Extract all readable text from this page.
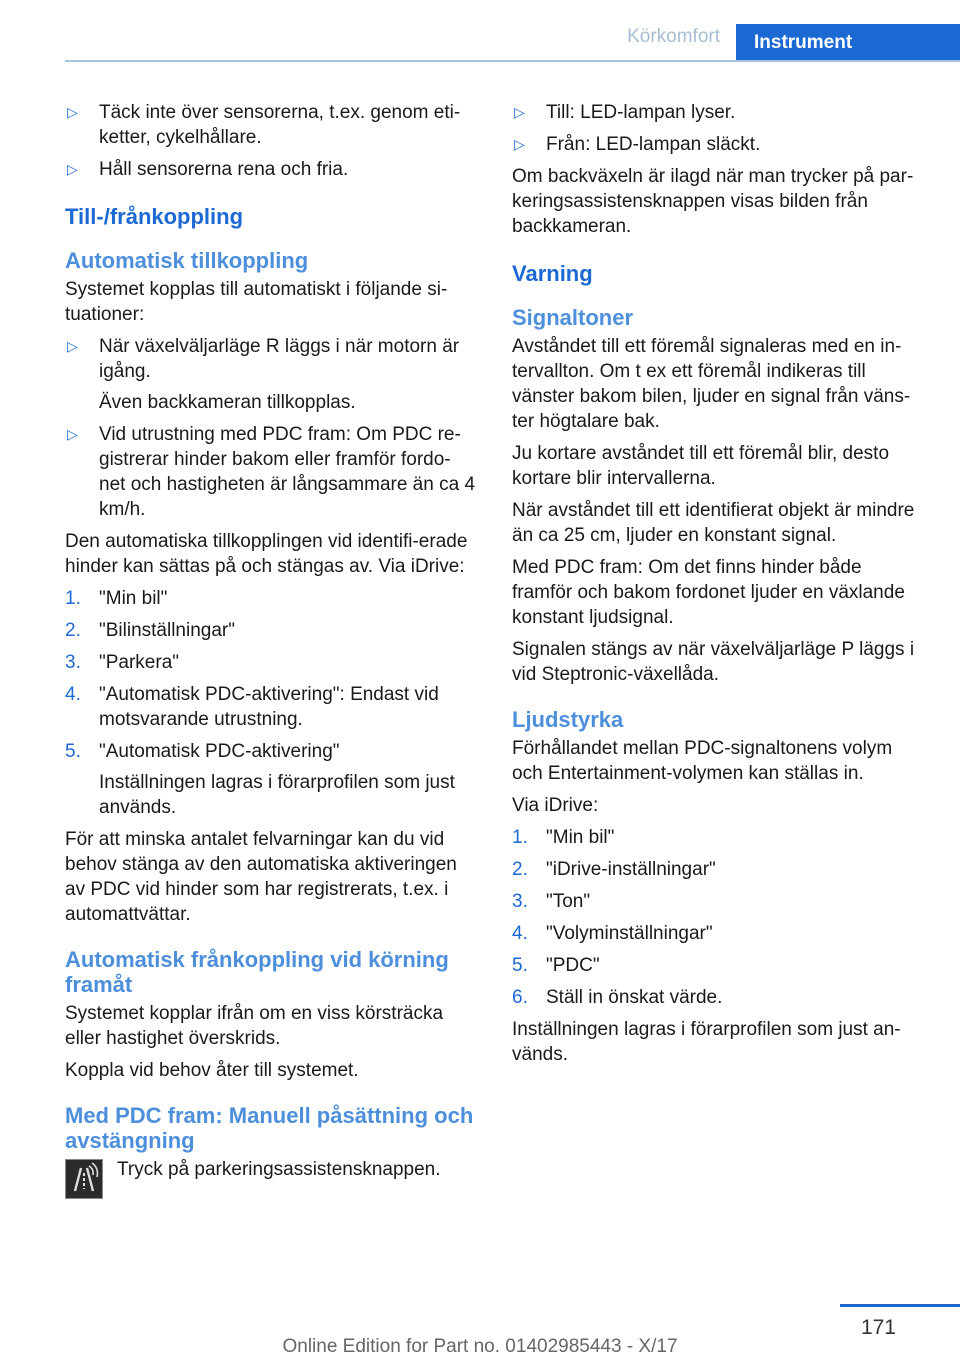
Körkomfort	Instrument
▷ Täck inte över sensorerna, t.ex. genom eti-ketter, cykelhållare.
▷ Håll sensorerna rena och fria.
Till-/frånkoppling
Automatisk tillkoppling

Systemet kopplas till automatiskt i följande si-tuationer:

▷ När växelväljarläge R läggs i när motorn är igång.
Även backkameran tillkopplas.
▷ Vid utrustning med PDC fram: Om PDC re-gistrerar hinder bakom eller framför fordo-net och hastigheten är långsammare än ca 4 km/h.

Den automatiska tillkopplingen vid identifi-erade hinder kan sättas på och stängas av. Via iDrive:

1. "Min bil"
2. "Bilinställningar"
3. "Parkera"
4. "Automatisk PDC-aktivering": Endast vid motsvarande utrustning.
5. "Automatisk PDC-aktivering"
Inställningen lagras i förarprofilen som just används.

För att minska antalet felvarningar kan du vid behov stänga av den automatiska aktiveringen av PDC vid hinder som har registrerats, t.ex. i automattvättar.

Automatisk frånkoppling vid körning framåt

Systemet kopplar ifrån om en viss körsträcka eller hastighet överskrids.

Koppla vid behov åter till systemet.

Med PDC fram: Manuell påsättning och avstängning
Tryck på parkeringsassistensknappen.
▷ Till: LED-lampan lyser.
▷ Från: LED-lampan släckt.

Om backväxeln är ilagd när man trycker på par-keringsassistensknappen visas bilden från backkameran.

Varning
Signaltoner

Avståndet till ett föremål signaleras med en in-tervallton. Om t ex ett föremål indikeras till vänster bakom bilen, ljuder en signal från väns-ter högtalare bak.

Ju kortare avståndet till ett föremål blir, desto kortare blir intervallerna.

När avståndet till ett identifierat objekt är mindre än ca 25 cm, ljuder en konstant signal.

Med PDC fram: Om det finns hinder både framför och bakom fordonet ljuder en växlande konstant ljudsignal.

Signalen stängs av när växelväljarläge P läggs i vid Steptronic-växellåda.

Ljudstyrka

Förhållandet mellan PDC-signaltonens volym och Entertainment-volymen kan ställas in.

Via iDrive:

1. "Min bil"
2. "iDrive-inställningar"
3. "Ton"
4. "Volyminställningar"
5. "PDC"
6. Ställ in önskat värde.

Inställningen lagras i förarprofilen som just an-vänds.

171
Online Edition for Part no. 01402985443 - X/17
